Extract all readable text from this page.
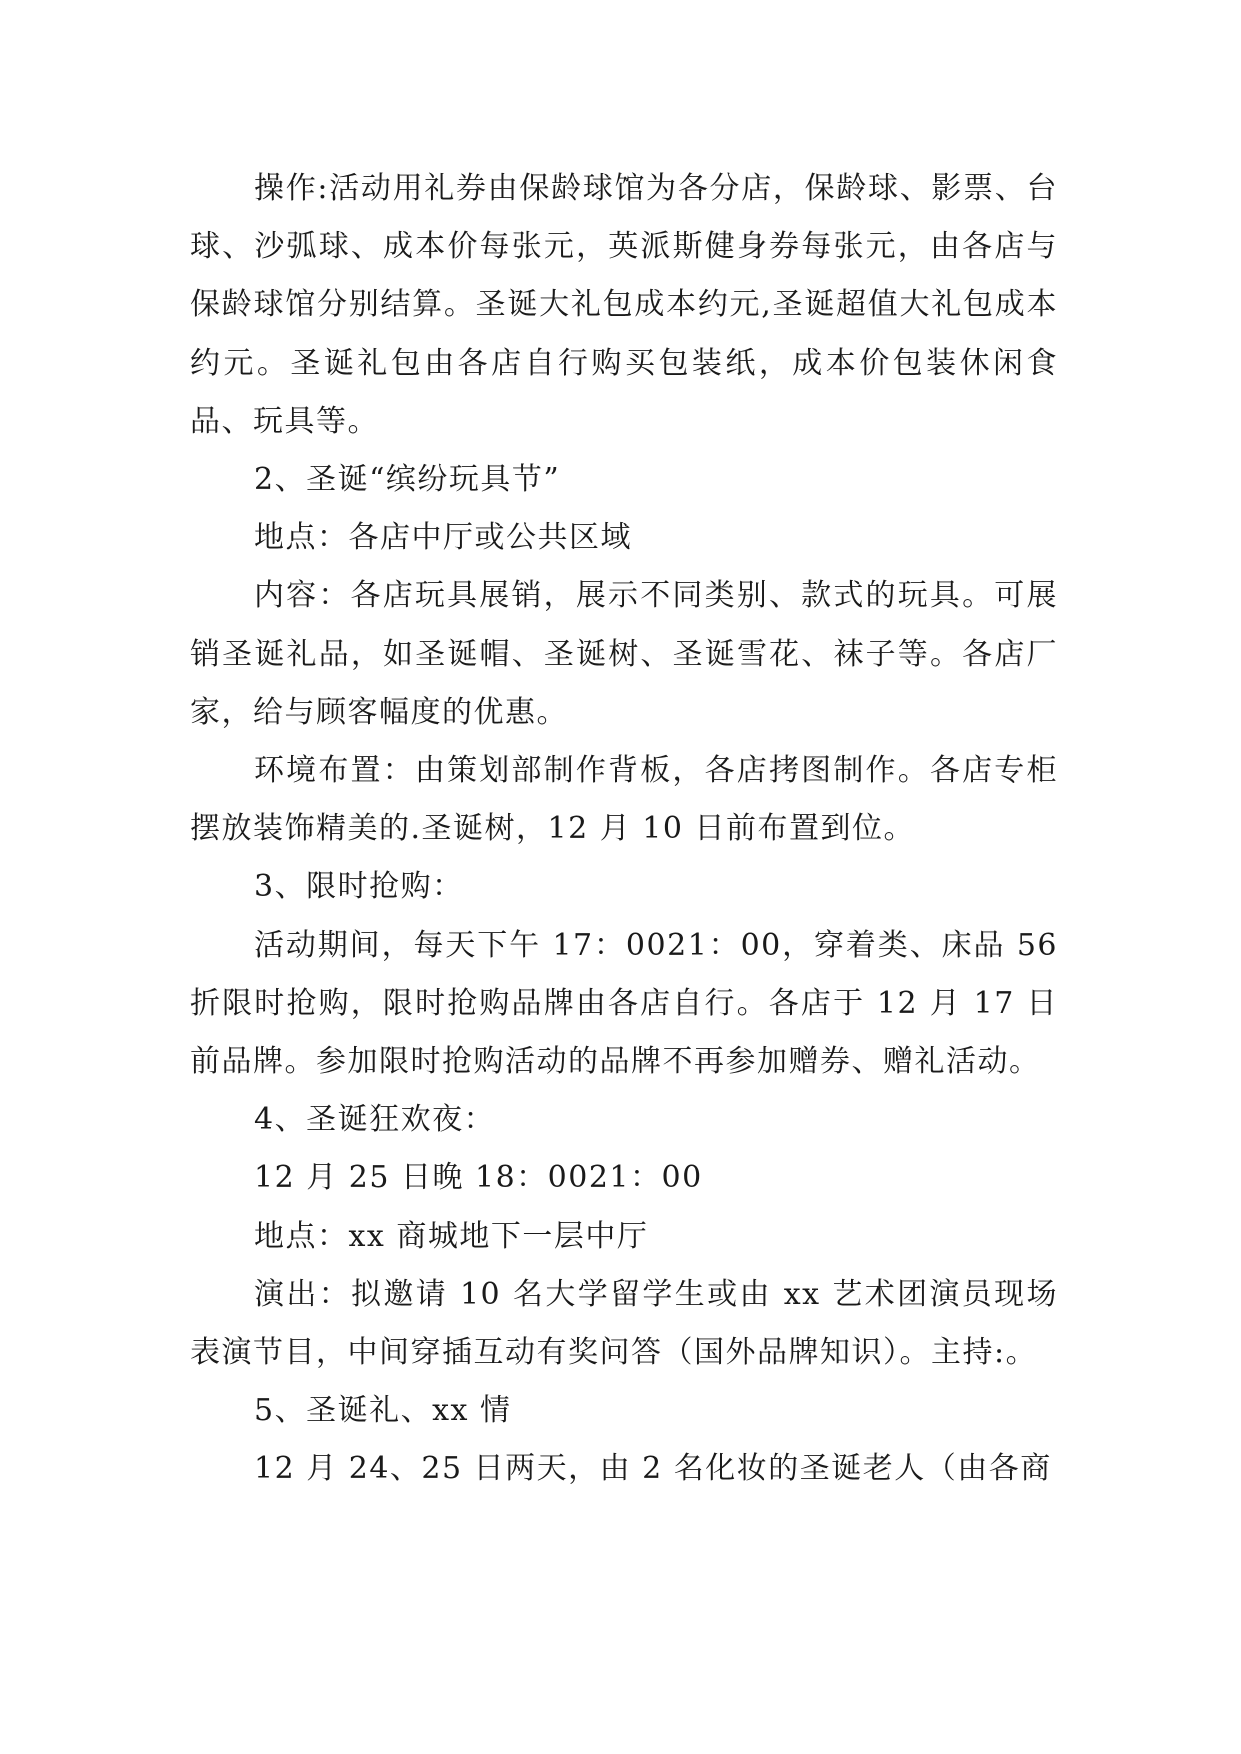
操作:活动用礼券由保龄球馆为各分店，保龄球、影票、台球、沙弧球、成本价每张元，英派斯健身券每张元，由各店与保龄球馆分别结算。圣诞大礼包成本约元,圣诞超值大礼包成本约元。圣诞礼包由各店自行购买包装纸，成本价包装休闲食品、玩具等。

2、圣诞“缤纷玩具节”

地点：各店中厅或公共区域

内容：各店玩具展销，展示不同类别、款式的玩具。可展销圣诞礼品，如圣诞帽、圣诞树、圣诞雪花、袜子等。各店厂家，给与顾客幅度的优惠。

环境布置：由策划部制作背板，各店拷图制作。各店专柜摆放装饰精美的.圣诞树，12 月 10 日前布置到位。

3、限时抢购：

活动期间，每天下午 17：0021：00，穿着类、床品 56 折限时抢购，限时抢购品牌由各店自行。各店于 12 月 17 日前品牌。参加限时抢购活动的品牌不再参加赠券、赠礼活动。

4、圣诞狂欢夜：

12 月 25 日晚 18：0021：00

地点：xx 商城地下一层中厅

演出：拟邀请 10 名大学留学生或由 xx 艺术团演员现场表演节目，中间穿插互动有奖问答（国外品牌知识）。主持:。

5、圣诞礼、xx 情

12 月 24、25 日两天，由 2 名化妆的圣诞老人（由各商
